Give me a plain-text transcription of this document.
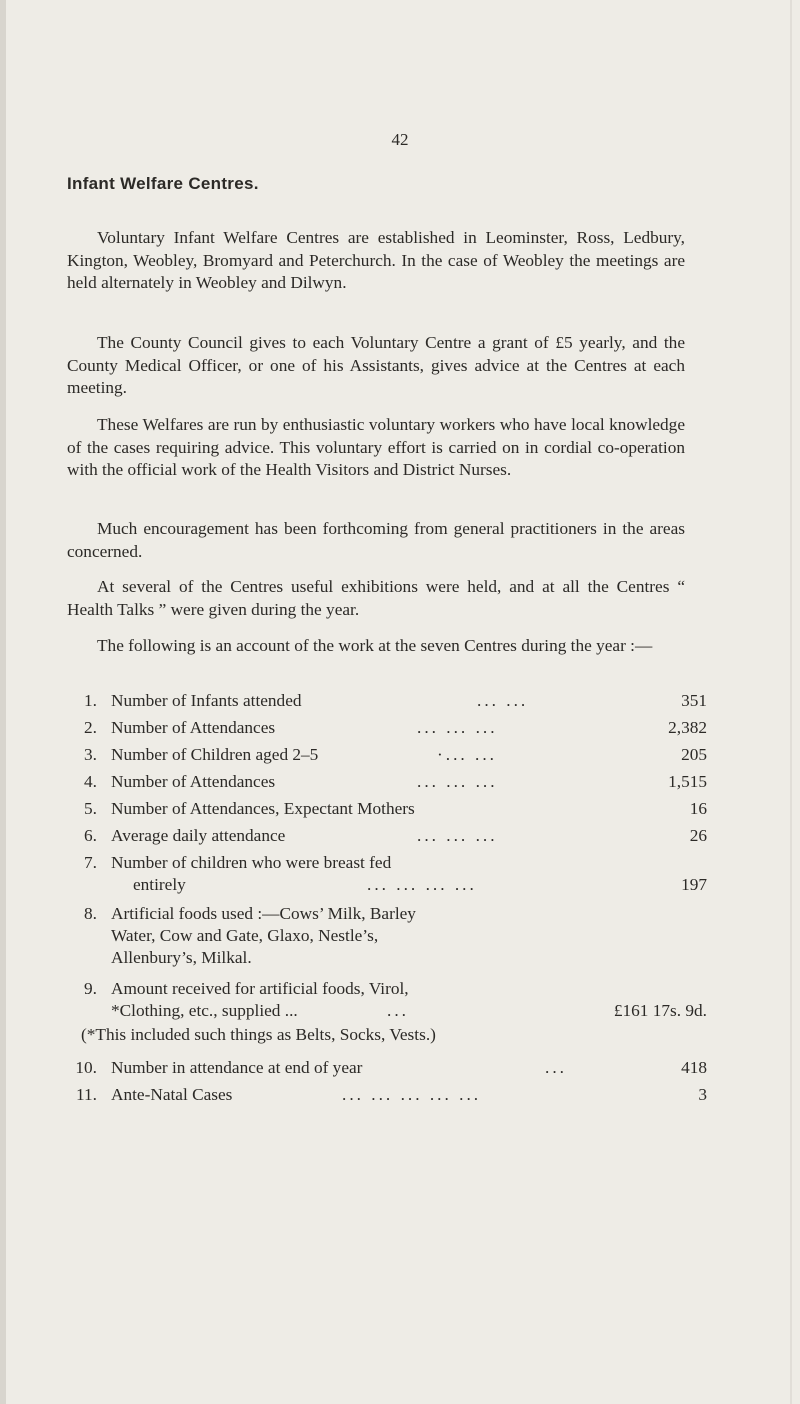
42
Infant Welfare Centres.

Voluntary Infant Welfare Centres are established in Leominster, Ross, Ledbury, Kington, Weobley, Bromyard and Peterchurch. In the case of Weobley the meetings are held alternately in Weobley and Dilwyn.

The County Council gives to each Voluntary Centre a grant of £5 yearly, and the County Medical Officer, or one of his Assistants, gives advice at the Centres at each meeting.

These Welfares are run by enthusiastic voluntary workers who have local knowledge of the cases requiring advice. This voluntary effort is carried on in cordial co-operation with the official work of the Health Visitors and District Nurses.

Much encouragement has been forthcoming from general practitioners in the areas concerned.

At several of the Centres useful exhibitions were held, and at all the Centres “ Health Talks ” were given during the year.

The following is an account of the work at the seven Centres during the year :—

1. Number of Infants attended	... ...	351
2. Number of Attendances	... ... ...	2,382
3. Number of Children aged 2–5	·... ...	205
4. Number of Attendances	... ... ...	1,515
5. Number of Attendances, Expectant Mothers	16
6. Average daily attendance	... ... ...	26
7. Number of children who were breast fed
entirely	... ... ... ...	197
8. Artificial foods used :—Cows’ Milk, Barley
Water, Cow and Gate, Glaxo, Nestle’s,
Allenbury’s, Milkal.
9. Amount received for artificial foods, Virol,
*Clothing, etc., supplied ...	...	£161 17s. 9d.
(*This included such things as Belts, Socks, Vests.)
10. Number in attendance at end of year	...	418
11. Ante-Natal Cases	... ... ... ... ...	3
